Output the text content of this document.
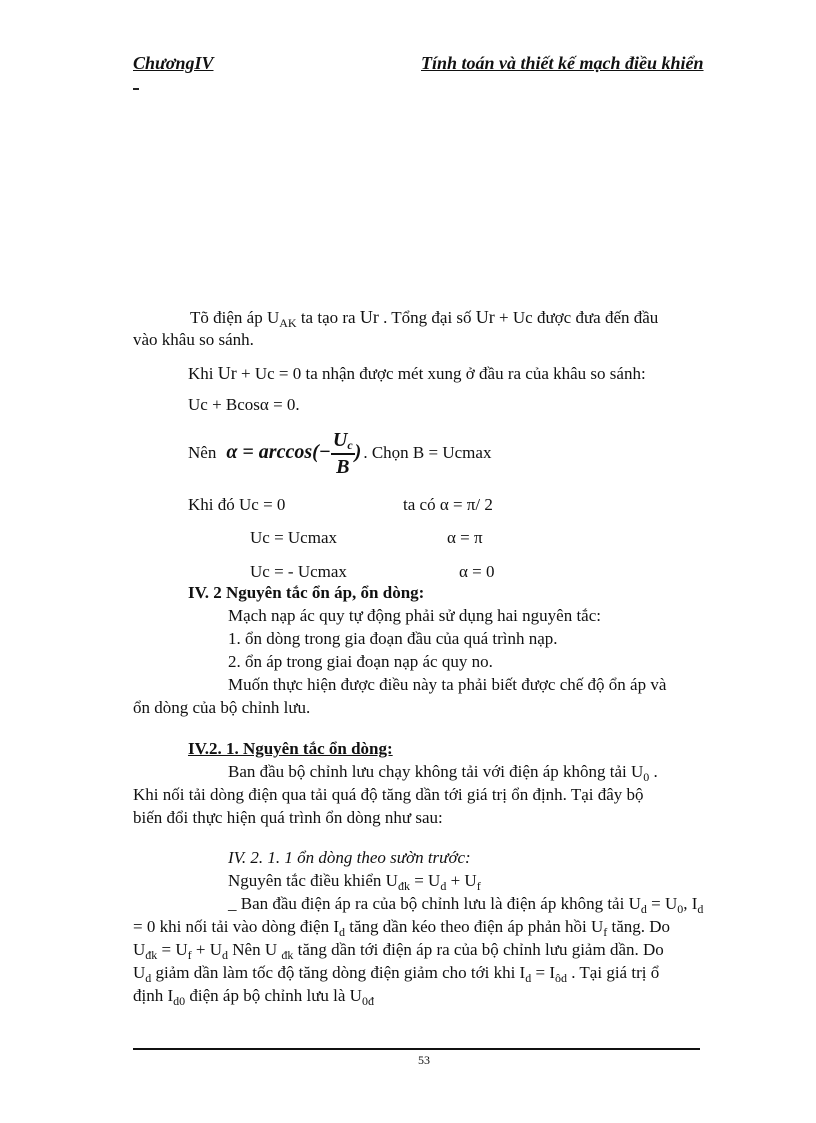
ChươngIV	Tính toán và thiết kế mạch điều khiển
Tõ điện áp $U_{AK}$ ta tạo ra Ur . Tổng đại số Ur + Uc được đưa đến đầu
vào khâu so sánh.
Khi Ur + Uc = 0 ta nhận được mét xung ở đầu ra của khâu so sánh:
Uc + Bcosα = 0.
Nên $\alpha = \arccos(- \frac{Uc}{B}$ ) . Chọn B = Ucmax
Khi đó Uc = 0	ta có α = π/ 2
Uc = Ucmax	α = π
Uc = - Ucmax	α = 0
IV. 2 Nguyên tắc ổn áp, ổn dòng:
Mạch nạp ác quy tự động phải sử dụng hai nguyên tắc:
1. ổn dòng trong gia đoạn đầu của quá trình nạp.
2. ổn áp trong giai đoạn nạp ác quy no.
Muốn thực hiện được điều này ta phải biết được chế độ ổn áp và
ổn dòng của bộ chỉnh lưu.
IV.2. 1. Nguyên tắc ổn dòng:
Ban đầu bộ chỉnh lưu chạy không tải với điện áp không tải $U_0$ .
Khi nối tải dòng điện qua tải quá độ tăng dần tới giá trị ổn định. Tại đây bộ
biến đổi thực hiện quá trình ổn dòng như sau:
IV. 2. 1. 1 ổn dòng theo sườn trước:
Nguyên tắc điều khiển $U_{đk} = U_d + U_f$
_ Ban đầu điện áp ra của bộ chỉnh lưu là điện áp không tải $U_d = U_0$, $I_d$
= 0 khi nối tải vào dòng điện $I_d$ tăng dần kéo theo điện áp phản hồi $U_f$ tăng. Do
$U_{đk} = U_f + U_d$ Nên U $_{đk}$ tăng dần tới điện áp ra của bộ chỉnh lưu giảm dần. Do
$U_d$ giảm dần làm tốc độ tăng dòng điện giảm cho tới khi $I_d = I_{ôd}$ . Tại giá trị ổ
định $I_{d0}$ điện áp bộ chỉnh lưu là $U_{0đ}$
53
